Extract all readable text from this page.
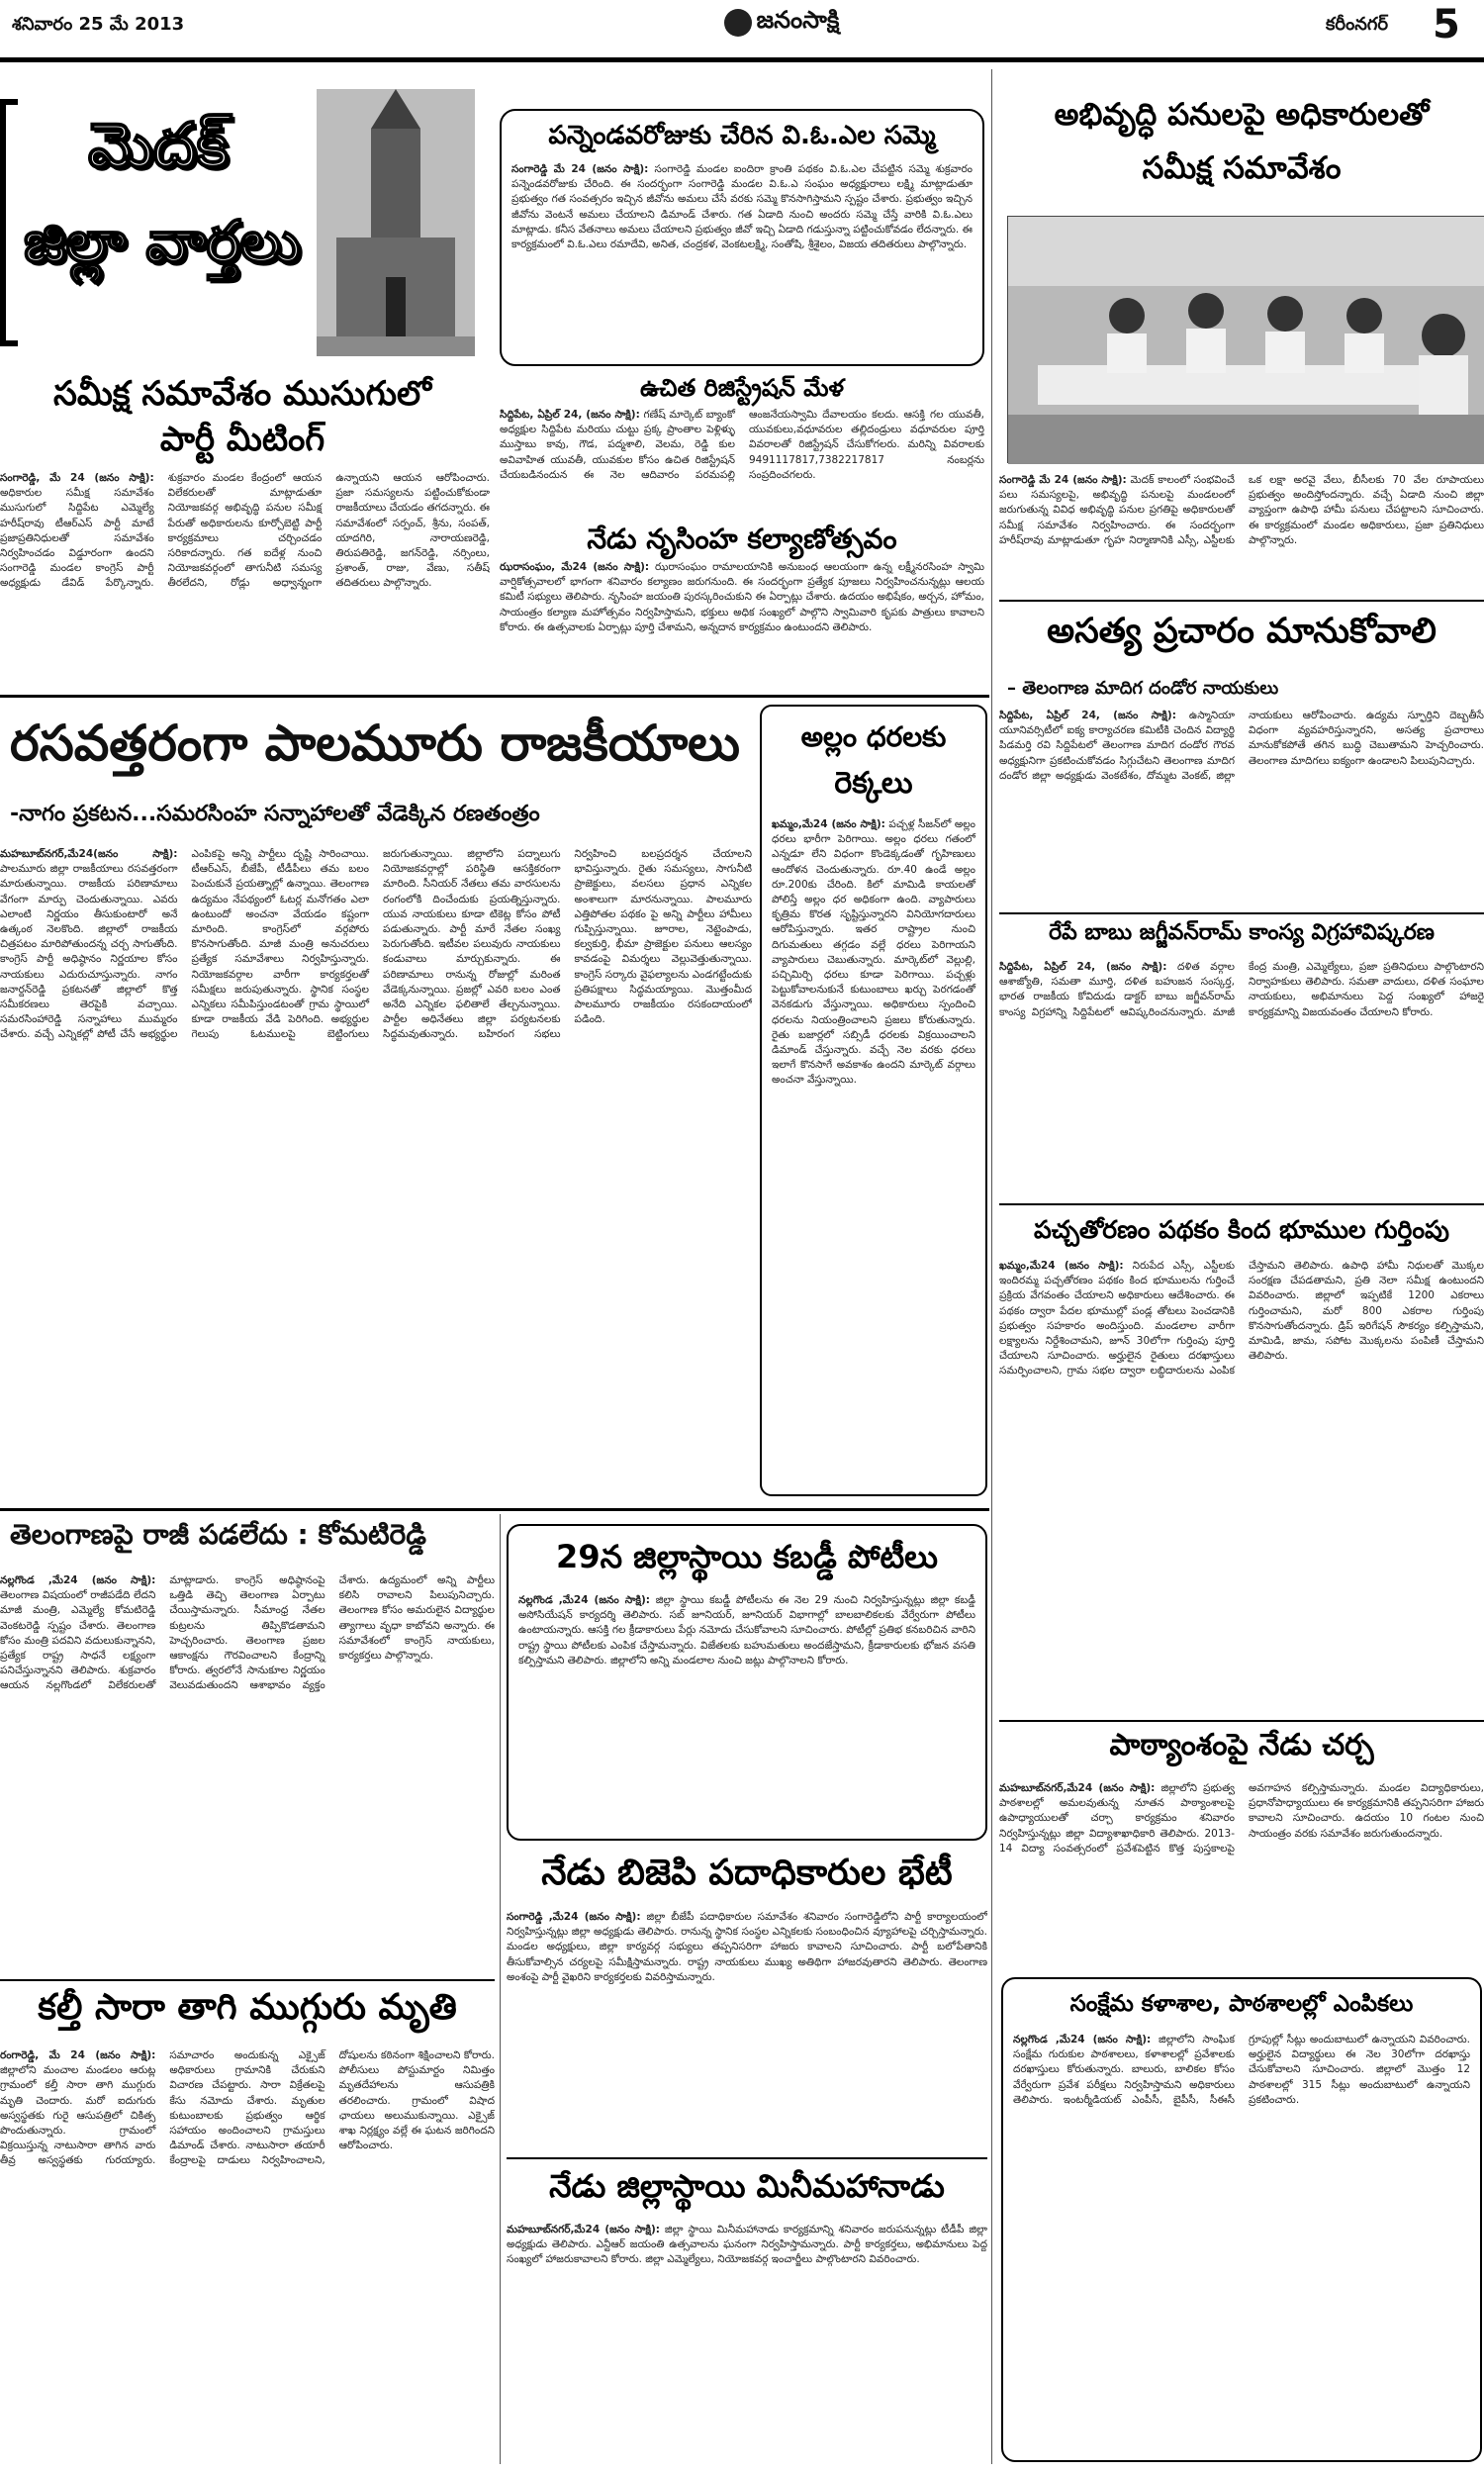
శనివారం 25 మే 2013	జనంసాక్షి	కరీంనగర్ 5
మెదక్
జిల్లా వార్తలు
సమీక్ష సమావేశం ముసుగులో
పార్టీ మీటింగ్
సంగారెడ్డి, మే 24 (జనం సాక్షి): అధికారుల సమీక్ష సమావేశం ముసుగులో సిద్దిపేట ఎమ్మెల్యే హరీష్‌రావు టీఆర్‌ఎస్ పార్టీ మాటే ప్రజాప్రతినిధులతో సమావేశం నిర్వహించడం విడ్డూరంగా ఉందని సంగారెడ్డి మండల కాంగ్రెస్ పార్టీ అధ్యక్షుడు డేవిడ్ పేర్కొన్నారు. శుక్రవారం మండల కేంద్రంలో ఆయన విలేకరులతో మాట్లాడుతూ నియోజకవర్గ అభివృద్ధి పనుల సమీక్ష పేరుతో అధికారులను కూర్చోబెట్టి పార్టీ కార్యక్రమాలు చర్చించడం సరికాదన్నారు. గత ఐదేళ్ల నుంచి నియోజకవర్గంలో తాగునీటి సమస్య తీరలేదని, రోడ్లు అధ్వాన్నంగా ఉన్నాయని ఆయన ఆరోపించారు. ప్రజా సమస్యలను పట్టించుకోకుండా రాజకీయాలు చేయడం తగదన్నారు. ఈ సమావేశంలో సర్పంచ్, శ్రీను, సంపత్, యాదగిరి, నారాయణరెడ్డి, తిరుపతిరెడ్డి, జగన్‌రెడ్డి, నర్సింలు, ప్రశాంత్, రాజు, వేణు, సతీష్ తదితరులు పాల్గొన్నారు.
పన్నెండవరోజుకు చేరిన వి.ఓ.ఎల సమ్మె
సంగారెడ్డి మే 24 (జనం సాక్షి): సంగారెడ్డి మండల ఐందిరా క్రాంతి పథకం వి.ఓ.ఎల చేపట్టిన సమ్మె శుక్రవారం పన్నెండవరోజుకు చేరింది. ఈ సందర్భంగా సంగారెడ్డి మండల వి.ఓ.ఎ సంఘం అధ్యక్షురాలు లక్ష్మి మాట్లాడుతూ ప్రభుత్వం గత సంవత్సరం ఇచ్చిన జీవోను అమలు చేసే వరకు సమ్మె కొనసాగిస్తామని స్పష్టం చేశారు. ప్రభుత్వం ఇచ్చిన జీవోను వెంటనే అమలు చేయాలని డిమాండ్ చేశారు. గత ఏడాది నుంచి అందరు సమ్మె చేస్తే వారికి వి.ఓ.ఎలు మాట్లాడు. కనీస వేతనాలు అమలు చేయాలని ప్రభుత్వం జీవో ఇచ్చి ఏడాది గడుస్తున్నా పట్టించుకోవడం లేదన్నారు. ఈ కార్యక్రమంలో వి.ఓ.ఎలు రమాదేవి, అనిత, చంద్రకళ, వెంకటలక్ష్మి, సంతోషి, శ్రీశైలం, విజయ తదితరులు పాల్గొన్నారు.
ఉచిత రిజిస్ట్రేషన్ మేళ
సిద్దిపేట, ఏప్రిల్ 24, (జనం సాక్షి): గణేష్ మార్కెట్ బ్యాంకో అధ్యక్షుల సిద్దిపేట మరియు చుట్టు ప్రక్క ప్రాంతాల పెళ్లిళ్ళు ముస్తాబు కావు, గౌడ, పద్మశాలి, వెలమ, రెడ్డి కుల అవివాహిత యువతీ, యువకుల కోసం ఉచిత రిజిస్ట్రేషన్ చేయబడినందున ఈ నెల ఆదివారం పరమపల్లి ఆంజనేయస్వామి దేవాలయం కలదు. ఆసక్తి గల యువతీ, యువకులు,వధూవరుల తల్లిదండ్రులు వధూవరుల పూర్తి వివరాలతో రిజిస్ట్రేషన్ చేసుకోగలరు. మరిన్ని వివరాలకు 9491117817,7382217817 నంబర్లను సంప్రదించగలరు.
నేడు నృసింహ కల్యాణోత్సవం
ఝరాసంఘం, మే24 (జనం సాక్షి): ఝరాసంఘం రామాలయానికి అనుబంధ ఆలయంగా ఉన్న లక్ష్మీనరసింహ స్వామి వార్షికోత్సవాలలో భాగంగా శనివారం కల్యాణం జరుగనుంది. ఈ సందర్భంగా ప్రత్యేక పూజలు నిర్వహించనున్నట్లు ఆలయ కమిటీ సభ్యులు తెలిపారు. నృసింహ జయంతి పురస్కరించుకుని ఈ ఏర్పాట్లు చేశారు. ఉదయం అభిషేకం, అర్చన, హోమం, సాయంత్రం కల్యాణ మహోత్సవం నిర్వహిస్తామని, భక్తులు అధిక సంఖ్యలో పాల్గొని స్వామివారి కృపకు పాత్రులు కావాలని కోరారు. ఈ ఉత్సవాలకు ఏర్పాట్లు పూర్తి చేశామని, అన్నదాన కార్యక్రమం ఉంటుందని తెలిపారు.
అభివృద్ధి పనులపై అధికారులతో
సమీక్ష సమావేశం
సంగారెడ్డి మే 24 (జనం సాక్షి): మెదక్ కాలంలో సంభవించే పలు సమస్యలపై, అభివృద్ధి పనులపై మండలంలో జరుగుతున్న వివిధ అభివృద్ధి పనుల ప్రగతిపై అధికారులతో సమీక్ష సమావేశం నిర్వహించారు. ఈ సందర్భంగా హరీష్‌రావు మాట్లాడుతూ గృహ నిర్మాణానికి ఎస్సీ, ఎస్టీలకు ఒక లక్షా అరవై వేలు, బీసీలకు 70 వేల రూపాయలు ప్రభుత్వం అందిస్తోందన్నారు. వచ్చే ఏడాది నుంచి జిల్లా వ్యాప్తంగా ఉపాధి హామీ పనులు చేపట్టాలని సూచించారు. ఈ కార్యక్రమంలో మండల అధికారులు, ప్రజా ప్రతినిధులు పాల్గొన్నారు.
అసత్య ప్రచారం మానుకోవాలి
– తెలంగాణ మాదిగ దండోర నాయకులు
సిద్దిపేట, ఏప్రిల్ 24, (జనం సాక్షి): ఉస్మానియా యూనివర్సిటీలో ఐక్య కార్యాచరణ కమిటీకి చెందిన విద్యార్థి పిడమర్తి రవి సిద్దిపేటలో తెలంగాణ మాదిగ దండోర గౌరవ అధ్యక్షునిగా ప్రకటించుకోవడం సిగ్గుచేటని తెలంగాణ మాదిగ దండోర జిల్లా అధ్యక్షుడు వెంకటేశం, దోమ్మట వెంకట్, జిల్లా నాయకులు ఆరోపించారు. ఉద్యమ స్ఫూర్తిని దెబ్బతీసే విధంగా వ్యవహరిస్తున్నారని, అసత్య ప్రచారాలు మానుకోకపోతే తగిన బుద్ధి చెబుతామని హెచ్చరించారు. తెలంగాణ మాదిగలు ఐక్యంగా ఉండాలని పిలుపునిచ్చారు.
రేపే బాబు జగ్జీవన్‌రామ్ కాంస్య విగ్రహావిష్కరణ
సిద్దిపేట, ఏప్రిల్ 24, (జనం సాక్షి): దళిత వర్గాల ఆశాజ్యోతి, సమతా మూర్తి, దళిత బహుజన సంస్కర్త, భారత రాజకీయ కోవిదుడు డాక్టర్ బాబు జగ్జీవన్‌రామ్ కాంస్య విగ్రహాన్ని సిద్దిపేటలో ఆవిష్కరించనున్నారు. మాజీ కేంద్ర మంత్రి, ఎమ్మెల్యేలు, ప్రజా ప్రతినిధులు పాల్గొంటారని నిర్వాహకులు తెలిపారు. సమతా వాదులు, దళిత సంఘాల నాయకులు, అభిమానులు పెద్ద సంఖ్యలో హాజరై కార్యక్రమాన్ని విజయవంతం చేయాలని కోరారు.
పచ్చతోరణం పథకం కింద భూముల గుర్తింపు
ఖమ్మం,మే24 (జనం సాక్షి): నిరుపేద ఎస్సీ, ఎస్టీలకు ఇందిరమ్మ పచ్చతోరణం పథకం కింద భూములను గుర్తించే ప్రక్రియ వేగవంతం చేయాలని అధికారులు ఆదేశించారు. ఈ పథకం ద్వారా పేదల భూముల్లో పండ్ల తోటలు పెంచడానికి ప్రభుత్వం సహకారం అందిస్తుంది. మండలాల వారీగా లక్ష్యాలను నిర్దేశించామని, జూన్ 30లోగా గుర్తింపు పూర్తి చేయాలని సూచించారు. అర్హులైన రైతులు దరఖాస్తులు సమర్పించాలని, గ్రామ సభల ద్వారా లబ్ధిదారులను ఎంపిక చేస్తామని తెలిపారు. ఉపాధి హామీ నిధులతో మొక్కల సంరక్షణ చేపడతామని, ప్రతి నెలా సమీక్ష ఉంటుందని వివరించారు. జిల్లాలో ఇప్పటికే 1200 ఎకరాలు గుర్తించామని, మరో 800 ఎకరాల గుర్తింపు కొనసాగుతోందన్నారు. డ్రిప్ ఇరిగేషన్ సౌకర్యం కల్పిస్తామని, మామిడి, జామ, సపోట మొక్కలను పంపిణీ చేస్తామని తెలిపారు.
పాఠ్యాంశంపై నేడు చర్చ
మహబూబ్‌నగర్,మే24 (జనం సాక్షి): జిల్లాలోని ప్రభుత్వ పాఠశాలల్లో అమలవుతున్న నూతన పాఠ్యాంశాలపై ఉపాధ్యాయులతో చర్చా కార్యక్రమం శనివారం నిర్వహిస్తున్నట్లు జిల్లా విద్యాశాఖాధికారి తెలిపారు. 2013-14 విద్యా సంవత్సరంలో ప్రవేశపెట్టిన కొత్త పుస్తకాలపై అవగాహన కల్పిస్తామన్నారు. మండల విద్యాధికారులు, ప్రధానోపాధ్యాయులు ఈ కార్యక్రమానికి తప్పనిసరిగా హాజరు కావాలని సూచించారు. ఉదయం 10 గంటల నుంచి సాయంత్రం వరకు సమావేశం జరుగుతుందన్నారు.
సంక్షేమ కళాశాల, పాఠశాలల్లో ఎంపికలు
నల్లగొండ ,మే24 (జనం సాక్షి): జిల్లాలోని సాంఘిక సంక్షేమ గురుకుల పాఠశాలలు, కళాశాలల్లో ప్రవేశాలకు దరఖాస్తులు కోరుతున్నారు. బాలురు, బాలికల కోసం వేర్వేరుగా ప్రవేశ పరీక్షలు నిర్వహిస్తామని అధికారులు తెలిపారు. ఇంటర్మీడియట్ ఎంపీసీ, బైపీసీ, సీఈసీ గ్రూపుల్లో సీట్లు అందుబాటులో ఉన్నాయని వివరించారు. అర్హులైన విద్యార్థులు ఈ నెల 30లోగా దరఖాస్తు చేసుకోవాలని సూచించారు. జిల్లాలో మొత్తం 12 పాఠశాలల్లో 315 సీట్లు అందుబాటులో ఉన్నాయని ప్రకటించారు.
రసవత్తరంగా పాలమూరు రాజకీయాలు
-నాగం ప్రకటన...సమరసింహ సన్నాహాలతో వేడెక్కిన రణతంత్రం
మహబూబ్‌నగర్,మే24(జనం సాక్షి): పాలమూరు జిల్లా రాజకీయాలు రసవత్తరంగా మారుతున్నాయి. రాజకీయ పరిణామాలు వేగంగా మార్పు చెందుతున్నాయి. ఎవరు ఎలాంటి నిర్ణయం తీసుకుంటారో అనే ఉత్కంఠ నెలకొంది. జిల్లాలో రాజకీయ చిత్రపటం మారిపోతుందన్న చర్చ సాగుతోంది. కాంగ్రెస్ పార్టీ అధిష్ఠానం నిర్ణయాల కోసం నాయకులు ఎదురుచూస్తున్నారు. నాగం జనార్దన్‌రెడ్డి ప్రకటనతో జిల్లాలో కొత్త సమీకరణలు తెరపైకి వచ్చాయి. సమరసింహారెడ్డి సన్నాహాలు ముమ్మరం చేశారు. వచ్చే ఎన్నికల్లో పోటీ చేసే అభ్యర్థుల ఎంపికపై అన్ని పార్టీలు దృష్టి సారించాయి. టీఆర్‌ఎస్, బీజేపీ, టీడీపీలు తమ బలం పెంచుకునే ప్రయత్నాల్లో ఉన్నాయి. తెలంగాణ ఉద్యమం నేపథ్యంలో ఓటర్ల మనోగతం ఎలా ఉంటుందో అంచనా వేయడం కష్టంగా మారింది. కాంగ్రెస్‌లో వర్గపోరు కొనసాగుతోంది. మాజీ మంత్రి అనుచరులు ప్రత్యేక సమావేశాలు నిర్వహిస్తున్నారు. నియోజకవర్గాల వారీగా కార్యకర్తలతో సమీక్షలు జరుపుతున్నారు. స్థానిక సంస్థల ఎన్నికలు సమీపిస్తుండటంతో గ్రామ స్థాయిలో కూడా రాజకీయ వేడి పెరిగింది. అభ్యర్థుల గెలుపు ఓటములపై బెట్టింగులు జరుగుతున్నాయి. జిల్లాలోని పద్నాలుగు నియోజకవర్గాల్లో పరిస్థితి ఆసక్తికరంగా మారింది. సీనియర్ నేతలు తమ వారసులను రంగంలోకి దించేందుకు ప్రయత్నిస్తున్నారు. యువ నాయకులు కూడా టికెట్ల కోసం పోటీ పడుతున్నారు. పార్టీ మారే నేతల సంఖ్య పెరుగుతోంది. ఇటీవల పలువురు నాయకులు కండువాలు మార్చుకున్నారు. ఈ పరిణామాలు రానున్న రోజుల్లో మరింత వేడెక్కనున్నాయి. ప్రజల్లో ఎవరి బలం ఎంత అనేది ఎన్నికల ఫలితాలే తేల్చనున్నాయి. పార్టీల అధినేతలు జిల్లా పర్యటనలకు సిద్ధమవుతున్నారు. బహిరంగ సభలు నిర్వహించి బలప్రదర్శన చేయాలని భావిస్తున్నారు. రైతు సమస్యలు, సాగునీటి ప్రాజెక్టులు, వలసలు ప్రధాన ఎన్నికల అంశాలుగా మారనున్నాయి. పాలమూరు ఎత్తిపోతల పథకం పై అన్ని పార్టీలు హామీలు గుప్పిస్తున్నాయి. జూరాల, నెట్టెంపాడు, కల్వకుర్తి, భీమా ప్రాజెక్టుల పనులు ఆలస్యం కావడంపై విమర్శలు వెల్లువెత్తుతున్నాయి. కాంగ్రెస్ సర్కారు వైఫల్యాలను ఎండగట్టేందుకు ప్రతిపక్షాలు సిద్ధమయ్యాయి. మొత్తంమీద పాలమూరు రాజకీయం రసకందాయంలో పడింది.
అల్లం ధరలకు
రెక్కలు
ఖమ్మం,మే24 (జనం సాక్షి): పచ్చళ్ల సీజన్‌లో అల్లం ధరలు భారీగా పెరిగాయి. అల్లం ధరలు గతంలో ఎన్నడూ లేని విధంగా కొండెక్కడంతో గృహిణులు ఆందోళన చెందుతున్నారు. రూ.40 ఉండే అల్లం రూ.200కు చేరింది. కిలో మామిడి కాయలతో పోలిస్తే అల్లం ధర అధికంగా ఉంది. వ్యాపారులు కృత్రిమ కొరత సృష్టిస్తున్నారని వినియోగదారులు ఆరోపిస్తున్నారు. ఇతర రాష్ట్రాల నుంచి దిగుమతులు తగ్గడం వల్లే ధరలు పెరిగాయని వ్యాపారులు చెబుతున్నారు. మార్కెట్‌లో వెల్లుల్లి, పచ్చిమిర్చి ధరలు కూడా పెరిగాయి. పచ్చళ్లు పెట్టుకోవాలనుకునే కుటుంబాలు ఖర్చు పెరగడంతో వెనకడుగు వేస్తున్నాయి. అధికారులు స్పందించి ధరలను నియంత్రించాలని ప్రజలు కోరుతున్నారు. రైతు బజార్లలో సబ్సిడీ ధరలకు విక్రయించాలని డిమాండ్ చేస్తున్నారు. వచ్చే నెల వరకు ధరలు ఇలాగే కొనసాగే అవకాశం ఉందని మార్కెట్ వర్గాలు అంచనా వేస్తున్నాయి.
తెలంగాణపై రాజీ పడలేదు : కోమటిరెడ్డి
నల్లగొండ ,మే24 (జనం సాక్షి): తెలంగాణ విషయంలో రాజీపడేది లేదని మాజీ మంత్రి, ఎమ్మెల్యే కోమటిరెడ్డి వెంకటరెడ్డి స్పష్టం చేశారు. తెలంగాణ కోసం మంత్రి పదవిని వదులుకున్నానని, ప్రత్యేక రాష్ట్ర సాధనే లక్ష్యంగా పనిచేస్తున్నానని తెలిపారు. శుక్రవారం ఆయన నల్లగొండలో విలేకరులతో మాట్లాడారు. కాంగ్రెస్ అధిష్ఠానంపై ఒత్తిడి తెచ్చి తెలంగాణ ఏర్పాటు చేయిస్తామన్నారు. సీమాంధ్ర నేతల కుట్రలను తిప్పికొడతామని హెచ్చరించారు. తెలంగాణ ప్రజల ఆకాంక్షను గౌరవించాలని కేంద్రాన్ని కోరారు. త్వరలోనే సానుకూల నిర్ణయం వెలువడుతుందని ఆశాభావం వ్యక్తం చేశారు. ఉద్యమంలో అన్ని పార్టీలు కలిసి రావాలని పిలుపునిచ్చారు. తెలంగాణ కోసం అమరులైన విద్యార్థుల త్యాగాలు వృధా కాబోవని అన్నారు. ఈ సమావేశంలో కాంగ్రెస్ నాయకులు, కార్యకర్తలు పాల్గొన్నారు.
కల్తీ సారా తాగి ముగ్గురు మృతి
రంగారెడ్డి, మే 24 (జనం సాక్షి): జిల్లాలోని మంచాల మండలం ఆరుట్ల గ్రామంలో కల్తీ సారా తాగి ముగ్గురు మృతి చెందారు. మరో ఐదుగురు అస్వస్థతకు గురై ఆసుపత్రిలో చికిత్స పొందుతున్నారు. గ్రామంలో విక్రయిస్తున్న నాటుసారా తాగిన వారు తీవ్ర అస్వస్థతకు గురయ్యారు. సమాచారం అందుకున్న ఎక్సైజ్ అధికారులు గ్రామానికి చేరుకుని విచారణ చేపట్టారు. సారా విక్రేతలపై కేసు నమోదు చేశారు. మృతుల కుటుంబాలకు ప్రభుత్వం ఆర్థిక సహాయం అందించాలని గ్రామస్తులు డిమాండ్ చేశారు. నాటుసారా తయారీ కేంద్రాలపై దాడులు నిర్వహించాలని, దోషులను కఠినంగా శిక్షించాలని కోరారు. పోలీసులు పోస్టుమార్టం నిమిత్తం మృతదేహాలను ఆసుపత్రికి తరలించారు. గ్రామంలో విషాద ఛాయలు అలుముకున్నాయి. ఎక్సైజ్ శాఖ నిర్లక్ష్యం వల్లే ఈ ఘటన జరిగిందని ఆరోపించారు.
29న జిల్లాస్థాయి కబడ్డీ పోటీలు
నల్లగొండ ,మే24 (జనం సాక్షి): జిల్లా స్థాయి కబడ్డీ పోటీలను ఈ నెల 29 నుంచి నిర్వహిస్తున్నట్లు జిల్లా కబడ్డీ అసోసియేషన్ కార్యదర్శి తెలిపారు. సబ్ జూనియర్, జూనియర్ విభాగాల్లో బాలబాలికలకు వేర్వేరుగా పోటీలు ఉంటాయన్నారు. ఆసక్తి గల క్రీడాకారులు పేర్లు నమోదు చేసుకోవాలని సూచించారు. పోటీల్లో ప్రతిభ కనబరిచిన వారిని రాష్ట్ర స్థాయి పోటీలకు ఎంపిక చేస్తామన్నారు. విజేతలకు బహుమతులు అందజేస్తామని, క్రీడాకారులకు భోజన వసతి కల్పిస్తామని తెలిపారు. జిల్లాలోని అన్ని మండలాల నుంచి జట్లు పాల్గొనాలని కోరారు.
నేడు బిజెపి పదాధికారుల భేటీ
సంగారెడ్డి ,మే24 (జనం సాక్షి): జిల్లా బీజేపీ పదాధికారుల సమావేశం శనివారం సంగారెడ్డిలోని పార్టీ కార్యాలయంలో నిర్వహిస్తున్నట్లు జిల్లా అధ్యక్షుడు తెలిపారు. రానున్న స్థానిక సంస్థల ఎన్నికలకు సంబంధించిన వ్యూహాలపై చర్చిస్తామన్నారు. మండల అధ్యక్షులు, జిల్లా కార్యవర్గ సభ్యులు తప్పనిసరిగా హాజరు కావాలని సూచించారు. పార్టీ బలోపేతానికి తీసుకోవాల్సిన చర్యలపై సమీక్షిస్తామన్నారు. రాష్ట్ర నాయకులు ముఖ్య అతిథిగా హాజరవుతారని తెలిపారు. తెలంగాణ అంశంపై పార్టీ వైఖరిని కార్యకర్తలకు వివరిస్తామన్నారు.
నేడు జిల్లాస్థాయి మినీమహానాడు
మహబూబ్‌నగర్,మే24 (జనం సాక్షి): జిల్లా స్థాయి మినీమహానాడు కార్యక్రమాన్ని శనివారం జరుపనున్నట్లు టీడీపీ జిల్లా అధ్యక్షుడు తెలిపారు. ఎన్టీఆర్ జయంతి ఉత్సవాలను ఘనంగా నిర్వహిస్తామన్నారు. పార్టీ కార్యకర్తలు, అభిమానులు పెద్ద సంఖ్యలో హాజరుకావాలని కోరారు. జిల్లా ఎమ్మెల్యేలు, నియోజకవర్గ ఇంచార్జీలు పాల్గొంటారని వివరించారు.
